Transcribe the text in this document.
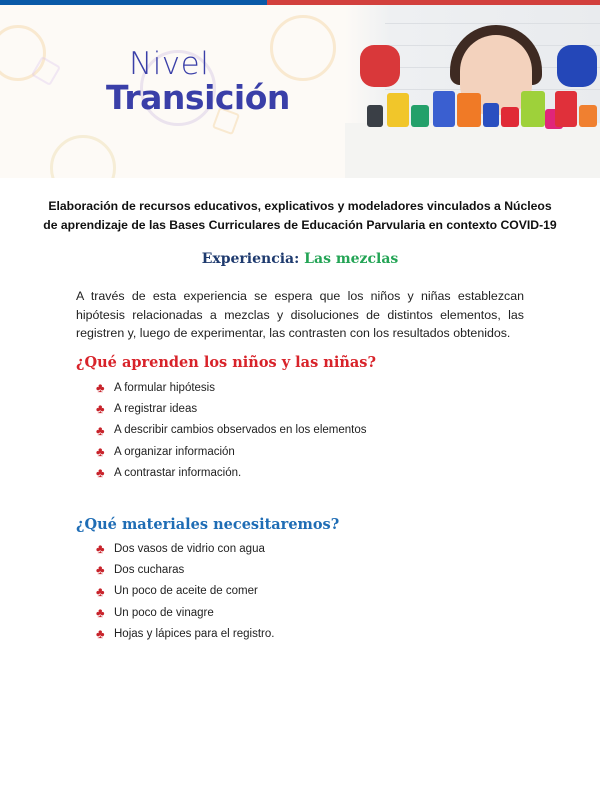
Nivel
Transición
Elaboración de recursos educativos, explicativos y modeladores vinculados a Núcleos de aprendizaje de las Bases Curriculares de Educación Parvularia en contexto COVID-19
Experiencia: Las mezclas
A través de esta experiencia se espera que los niños y niñas establezcan hipótesis relacionadas a mezclas y disoluciones de distintos elementos, las registren y, luego de experimentar, las contrasten con los resultados obtenidos.
¿Qué aprenden los niños y las niñas?
♣ A formular hipótesis
♣ A registrar ideas
♣ A describir cambios observados en los elementos
♣ A organizar información
♣ A contrastar información.
¿Qué materiales necesitaremos?
♣ Dos vasos de vidrio con agua
♣ Dos cucharas
♣ Un poco de aceite de comer
♣ Un poco de vinagre
♣ Hojas y lápices para el registro.
